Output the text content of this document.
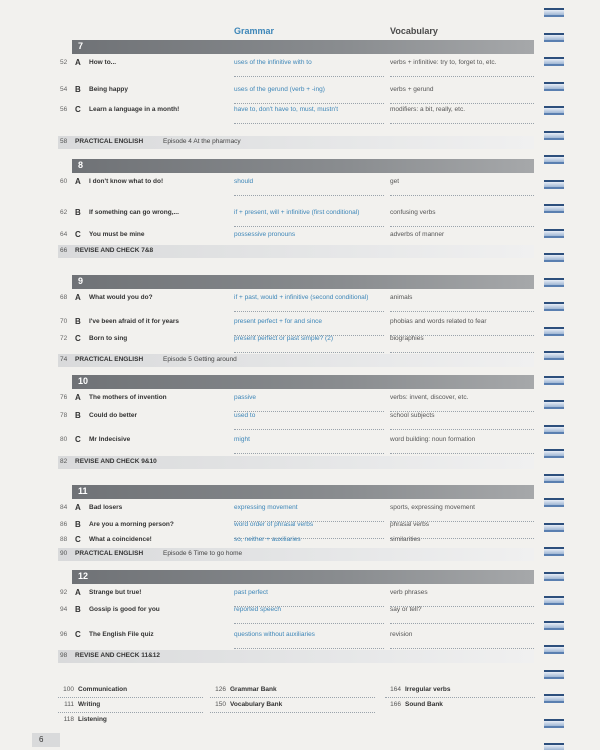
Grammar	Vocabulary
7
52 A How to...	uses of the infinitive with to	verbs + infinitive: try to, forget to, etc.
54 B Being happy	uses of the gerund (verb + -ing)	verbs + gerund
56 C Learn a language in a month!	have to, don't have to, must, mustn't	modifiers: a bit, really, etc.
58 PRACTICAL ENGLISH	Episode 4 At the pharmacy
8
60 A I don't know what to do!	should	get
62 B If something can go wrong,...	if + present, will + infinitive (first conditional)	confusing verbs
64 C You must be mine	possessive pronouns	adverbs of manner
66 REVISE AND CHECK 7&8
9
68 A What would you do?	if + past, would + infinitive (second conditional)	animals
70 B I've been afraid of it for years	present perfect + for and since	phobias and words related to fear
72 C Born to sing	present perfect or past simple? (2)	biographies
74 PRACTICAL ENGLISH	Episode 5 Getting around
10
76 A The mothers of invention	passive	verbs: invent, discover, etc.
78 B Could do better	used to	school subjects
80 C Mr Indecisive	might	word building: noun formation
82 REVISE AND CHECK 9&10
11
84 A Bad losers	expressing movement	sports, expressing movement
86 B Are you a morning person?	word order of phrasal verbs	phrasal verbs
88 C What a coincidence!	so, neither + auxiliaries	similarities
90 PRACTICAL ENGLISH	Episode 6 Time to go home
12
92 A Strange but true!	past perfect	verb phrases
94 B Gossip is good for you	reported speech	say or tell?
96 C The English File quiz	questions without auxiliaries	revision
98 REVISE AND CHECK 11&12
100 Communication
111 Writing
118 Listening
126 Grammar Bank
150 Vocabulary Bank
164 Irregular verbs
166 Sound Bank
6
